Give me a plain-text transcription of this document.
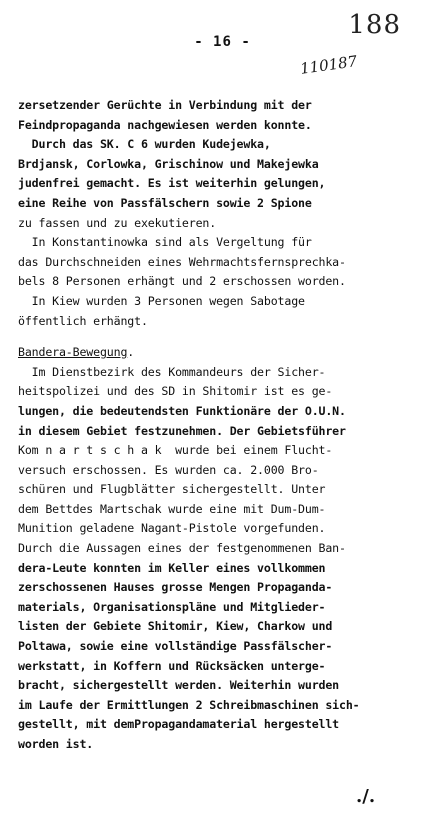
188
- 16 -
110187
zersetzender Gerüchte in Verbindung mit der
Feindpropaganda nachgewiesen werden konnte.
Durch das SK. C 6 wurden Kudejewka,
Brdjansk, Corlowka, Grischinow und Makejewka
judenfrei gemacht. Es ist weiterhin gelungen,
eine Reihe von Passfälschern sowie 2 Spione
zu fassen und zu exekutieren.
In Konstantinowka sind als Vergeltung für
das Durchschneiden eines Wehrmachtsfernsprechka-
bels 8 Personen erhängt und 2 erschossen worden.
In Kiew wurden 3 Personen wegen Sabotage
öffentlich erhängt.
Bandera-Bewegung.
Im Dienstbezirk des Kommandeurs der Sicher-
heitspolizei und des SD in Shitomir ist es ge-
lungen, die bedeutendsten Funktionäre der O.U.N.
in diesem Gebiet festzunehmen. Der Gebietsführer
Kom n a r t s c h a k  wurde bei einem Flucht-
versuch erschossen. Es wurden ca. 2.000 Bro-
schüren und Flugblätter sichergestellt. Unter
dem Bettdes Martschak wurde eine mit Dum-Dum-
Munition geladene Nagant-Pistole vorgefunden.
Durch die Aussagen eines der festgenommenen Ban-
dera-Leute konnten im Keller eines vollkommen
zerschossenen Hauses grosse Mengen Propaganda-
materials, Organisationspläne und Mitglieder-
listen der Gebiete Shitomir, Kiew, Charkow und
Poltawa, sowie eine vollständige Passfälscher-
werkstatt, in Koffern und Rücksäcken unterge-
bracht, sichergestellt werden. Weiterhin wurden
im Laufe der Ermittlungen 2 Schreibmaschinen sich-
gestellt, mit demPropagandamaterial hergestellt
worden ist.
./.
